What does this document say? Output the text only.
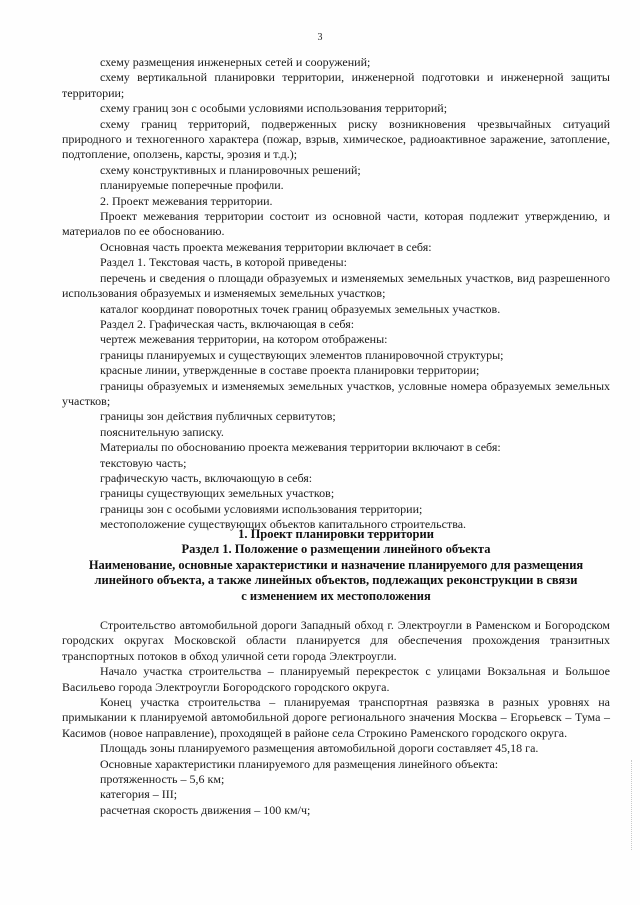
3

схему размещения инженерных сетей и сооружений;

схему вертикальной планировки территории, инженерной подготовки и инженерной защиты территории;

схему границ зон с особыми условиями использования территорий;

схему границ территорий, подверженных риску возникновения чрезвычайных ситуаций природного и техногенного характера (пожар, взрыв, химическое, радиоактивное заражение, затопление, подтопление, оползень, карсты, эрозия и т.д.);

схему конструктивных и планировочных решений;

планируемые поперечные профили.

2. Проект межевания территории.

Проект межевания территории состоит из основной части, которая подлежит утверждению, и материалов по ее обоснованию.

Основная часть проекта межевания территории включает в себя:

Раздел 1. Текстовая часть, в которой приведены:

перечень и сведения о площади образуемых и изменяемых земельных участков, вид разрешенного использования образуемых и изменяемых земельных участков;

каталог координат поворотных точек границ образуемых земельных участков.

Раздел 2. Графическая часть, включающая в себя:

чертеж межевания территории, на котором отображены:

границы планируемых и существующих элементов планировочной структуры;

красные линии, утвержденные в составе проекта планировки территории;

границы образуемых и изменяемых земельных участков, условные номера образуемых земельных участков;

границы зон действия публичных сервитутов;

пояснительную записку.

Материалы по обоснованию проекта межевания территории включают в себя:

текстовую часть;

графическую часть, включающую в себя:

границы существующих земельных участков;

границы зон с особыми условиями использования территории;

местоположение существующих объектов капитального строительства.

1. Проект планировки территории
Раздел 1. Положение о размещении линейного объекта
Наименование, основные характеристики и назначение планируемого для размещения
линейного объекта, а также линейных объектов, подлежащих реконструкции в связи
с изменением их местоположения

Строительство автомобильной дороги Западный обход г. Электроугли в Раменском и Богородском городских округах Московской области планируется для обеспечения прохождения транзитных транспортных потоков в обход уличной сети города Электроугли.

Начало участка строительства – планируемый перекресток с улицами Вокзальная и Большое Васильево города Электроугли Богородского городского округа.

Конец участка строительства – планируемая транспортная развязка в разных уровнях на примыкании к планируемой автомобильной дороге регионального значения Москва – Егорьевск – Тума – Касимов (новое направление), проходящей в районе села Строкино Раменского городского округа.

Площадь зоны планируемого размещения автомобильной дороги составляет 45,18 га.

Основные характеристики планируемого для размещения линейного объекта:

протяженность – 5,6 км;

категория – III;

расчетная скорость движения – 100 км/ч;
